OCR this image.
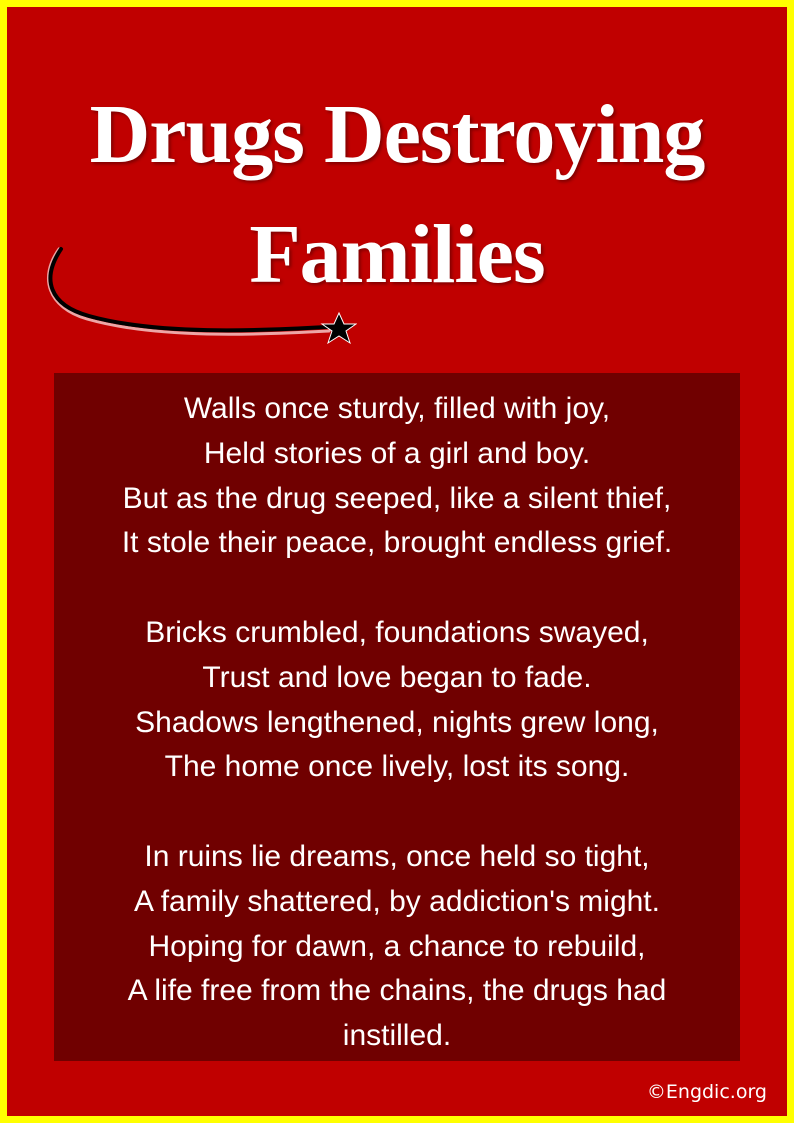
Drugs Destroying
Families

Walls once sturdy, filled with joy,
Held stories of a girl and boy.
But as the drug seeped, like a silent thief,
It stole their peace, brought endless grief.

Bricks crumbled, foundations swayed,
Trust and love began to fade.
Shadows lengthened, nights grew long,
The home once lively, lost its song.

In ruins lie dreams, once held so tight,
A family shattered, by addiction's might.
Hoping for dawn, a chance to rebuild,
A life free from the chains, the drugs had
instilled.

©Engdic.org
